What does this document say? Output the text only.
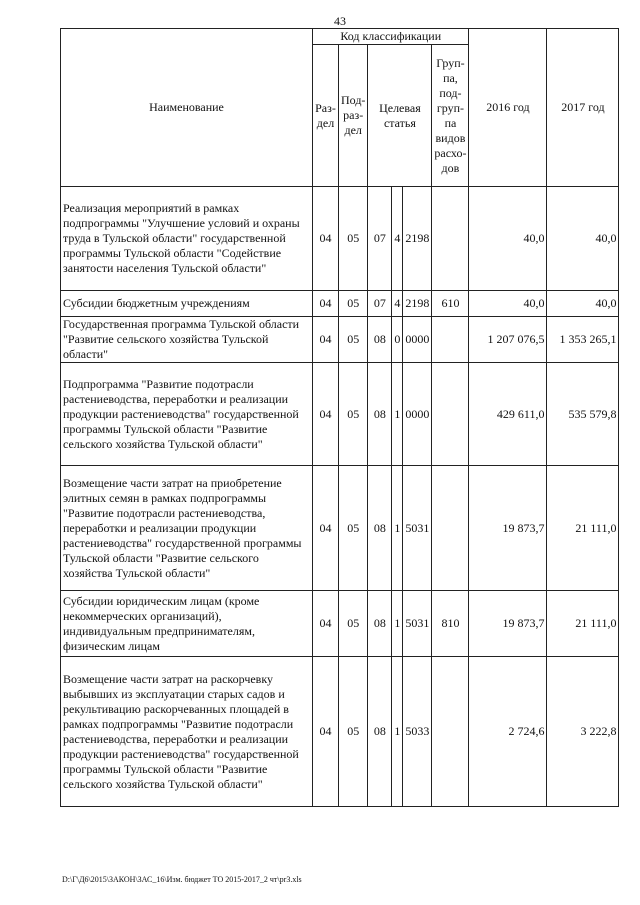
43
Наименование	Код классификации						2016 год	2017 год
	Раз-дел	Под-раз-дел	Целевая статья			Груп-па, под-груп-па видов расхо-дов		
Реализация мероприятий в рамках подпрограммы "Улучшение условий и охраны труда в Тульской области" государственной программы Тульской области "Содействие занятости населения Тульской области"	04	05	07	4	2198		40,0	40,0
Субсидии бюджетным учреждениям	04	05	07	4	2198	610	40,0	40,0
Государственная программа Тульской области "Развитие сельского хозяйства Тульской области"	04	05	08	0	0000		1 207 076,5	1 353 265,1
Подпрограмма "Развитие подотрасли растениеводства, переработки и реализации продукции растениеводства" государственной программы Тульской области "Развитие сельского хозяйства Тульской области"	04	05	08	1	0000		429 611,0	535 579,8
Возмещение части затрат на приобретение элитных семян в рамках подпрограммы "Развитие подотрасли растениеводства, переработки и реализации продукции растениеводства" государственной программы Тульской области "Развитие сельского хозяйства Тульской области"	04	05	08	1	5031		19 873,7	21 111,0
Субсидии юридическим лицам (кроме некоммерческих организаций), индивидуальным предпринимателям, физическим лицам	04	05	08	1	5031	810	19 873,7	21 111,0
Возмещение части затрат на раскорчевку выбывших из эксплуатации старых садов и рекультивацию раскорчеванных площадей в рамках подпрограммы "Развитие подотрасли растениеводства, переработки и реализации продукции растениеводства" государственной программы Тульской области "Развитие сельского хозяйства Тульской области"	04	05	08	1	5033		2 724,6	3 222,8
D:\Г\Д6\2015\ЗАКОН\ЗАС_16\Изм. бюджет ТО 2015-2017_2 чт\pr3.xls
